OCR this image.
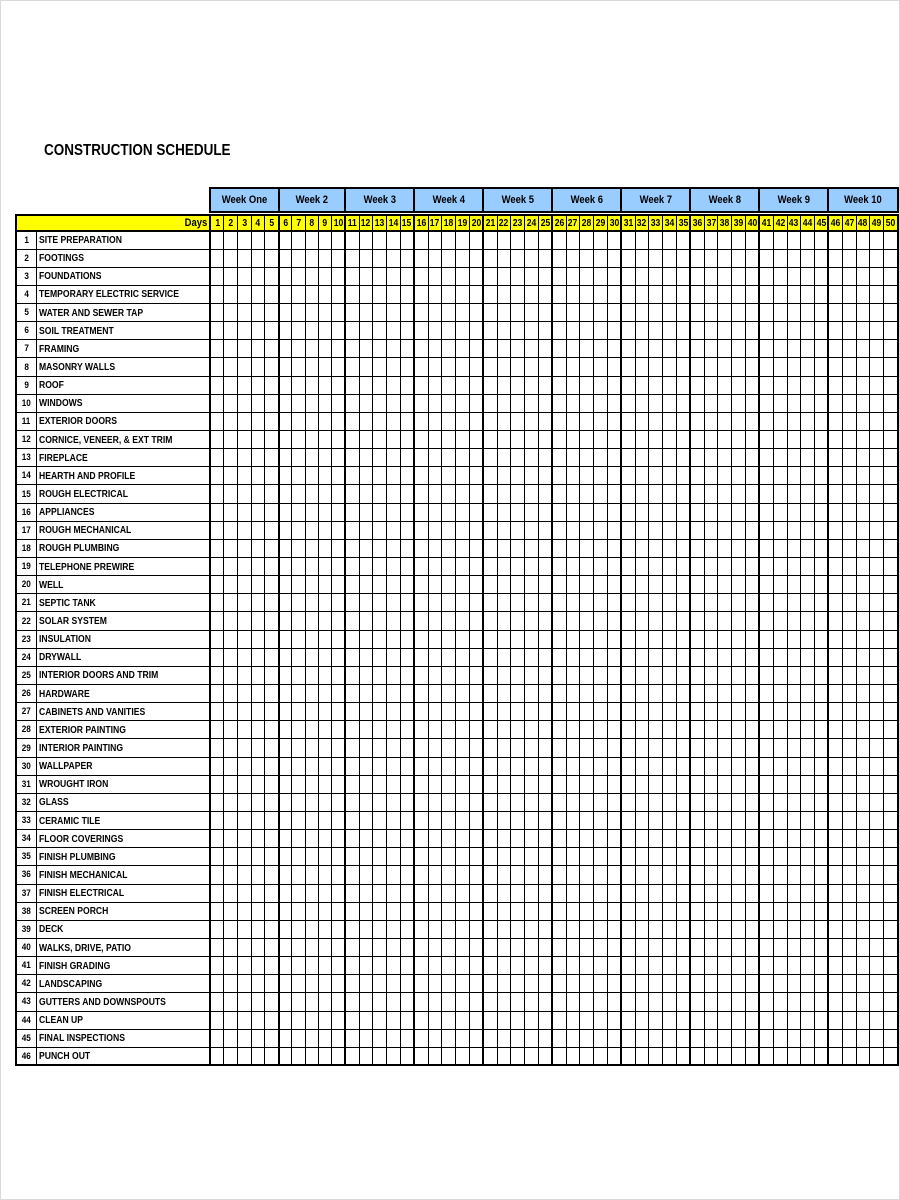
CONSTRUCTION SCHEDULE
		Week One					Week 2					Week 3					Week 4					Week 5					Week 6					Week 7					Week 8					Week 9					Week 10				

Days		1	2	3	4	5	6	7	8	9	10	11	12	13	14	15	16	17	18	19	20	21	22	23	24	25	26	27	28	29	30	31	32	33	34	35	36	37	38	39	40	41	42	43	44	45	46	47	48	49	50
1	SITE PREPARATION																																																		
2	FOOTINGS																																																		
3	FOUNDATIONS																																																		
4	TEMPORARY ELECTRIC SERVICE																																																		
5	WATER AND SEWER TAP																																																		
6	SOIL TREATMENT																																																		
7	FRAMING																																																		
8	MASONRY WALLS																																																		
9	ROOF																																																		
10	WINDOWS																																																		
11	EXTERIOR DOORS																																																		
12	CORNICE, VENEER, & EXT TRIM																																																		
13	FIREPLACE																																																		
14	HEARTH AND PROFILE																																																		
15	ROUGH ELECTRICAL																																																		
16	APPLIANCES																																																		
17	ROUGH MECHANICAL																																																		
18	ROUGH PLUMBING																																																		
19	TELEPHONE PREWIRE																																																		
20	WELL																																																		
21	SEPTIC TANK																																																		
22	SOLAR SYSTEM																																																		
23	INSULATION																																																		
24	DRYWALL																																																		
25	INTERIOR DOORS AND TRIM																																																		
26	HARDWARE																																																		
27	CABINETS AND VANITIES																																																		
28	EXTERIOR PAINTING																																																		
29	INTERIOR PAINTING																																																		
30	WALLPAPER																																																		
31	WROUGHT IRON																																																		
32	GLASS																																																		
33	CERAMIC TILE																																																		
34	FLOOR COVERINGS																																																		
35	FINISH PLUMBING																																																		
36	FINISH MECHANICAL																																																		
37	FINISH ELECTRICAL																																																		
38	SCREEN PORCH																																																		
39	DECK																																																		
40	WALKS, DRIVE, PATIO																																																		
41	FINISH GRADING																																																		
42	LANDSCAPING																																																		
43	GUTTERS AND DOWNSPOUTS																																																		
44	CLEAN UP																																																		
45	FINAL INSPECTIONS																																																		
46	PUNCH OUT																																																		
